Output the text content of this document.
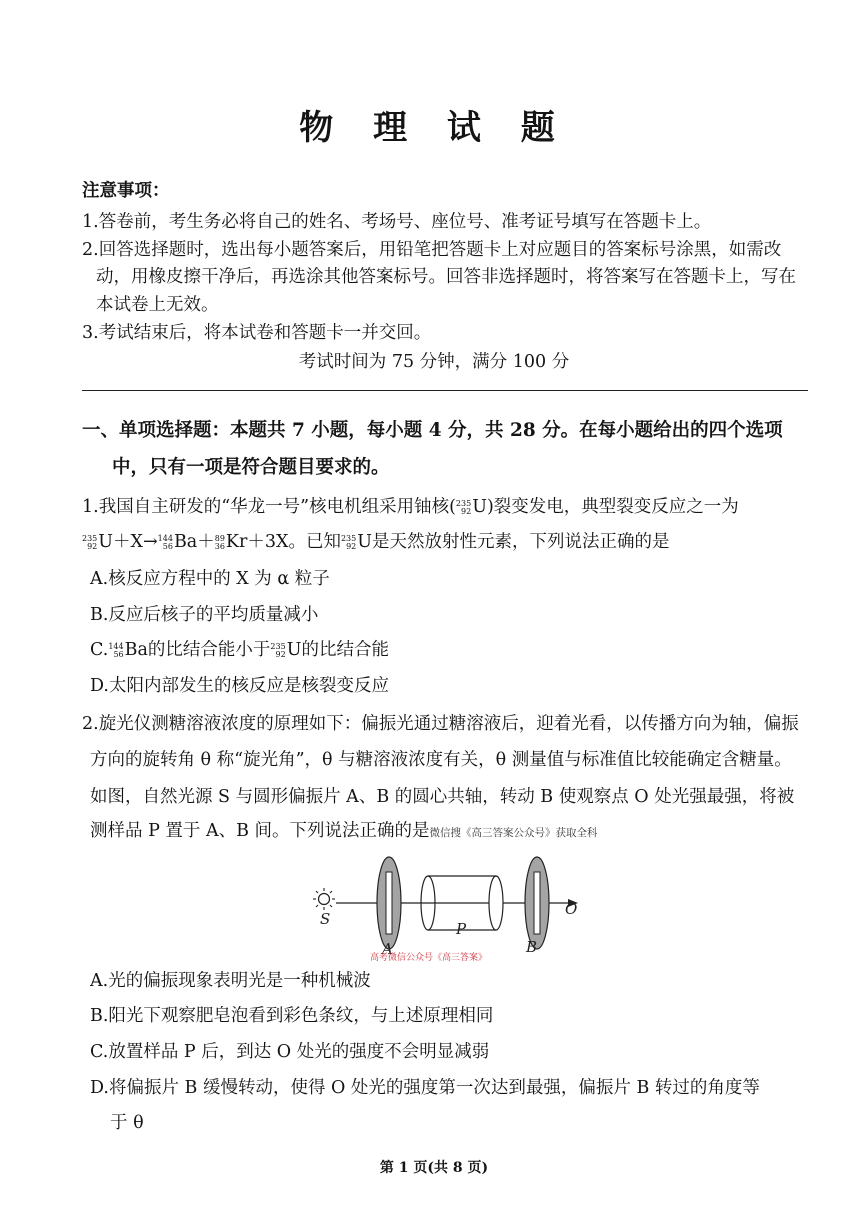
物 理 试 题
注意事项：
1.答卷前，考生务必将自己的姓名、考场号、座位号、准考证号填写在答题卡上。
2.回答选择题时，选出每小题答案后，用铅笔把答题卡上对应题目的答案标号涂黑，如需改
动，用橡皮擦干净后，再选涂其他答案标号。回答非选择题时，将答案写在答题卡上，写在
本试卷上无效。
3.考试结束后，将本试卷和答题卡一并交回。
考试时间为 75 分钟，满分 100 分
一、单项选择题：本题共 7 小题，每小题 4 分，共 28 分。在每小题给出的四个选项
中，只有一项是符合题目要求的。
1.我国自主研发的“华龙一号”核电机组采用铀核( 235
92 U)裂变发电，典型裂变反应之一为
235
92 U＋X→ 144
56 Ba＋ 89
36 Kr＋3X。已知 235
92 U是天然放射性元素，下列说法正确的是
A.核反应方程中的 X 为 α 粒子
B.反应后核子的平均质量减小
C. 144
56 Ba的比结合能小于 235
92 U的比结合能
D.太阳内部发生的核反应是核裂变反应
2.旋光仪测糖溶液浓度的原理如下：偏振光通过糖溶液后，迎着光看，以传播方向为轴，偏振
方向的旋转角 θ 称“旋光角”，θ 与糖溶液浓度有关，θ 测量值与标准值比较能确定含糖量。
如图，自然光源 S 与圆形偏振片 A、B 的圆心共轴，转动 B 使观察点 O 处光强最强，将被
测样品 P 置于 A、B 间。下列说法正确的是微信搜《高三答案公众号》获取全科
S
A
P
B
O
高考微信公众号《高三答案》
A.光的偏振现象表明光是一种机械波
B.阳光下观察肥皂泡看到彩色条纹，与上述原理相同
C.放置样品 P 后，到达 O 处光的强度不会明显减弱
D.将偏振片 B 缓慢转动，使得 O 处光的强度第一次达到最强，偏振片 B 转过的角度等
于 θ
第 1 页(共 8 页)
